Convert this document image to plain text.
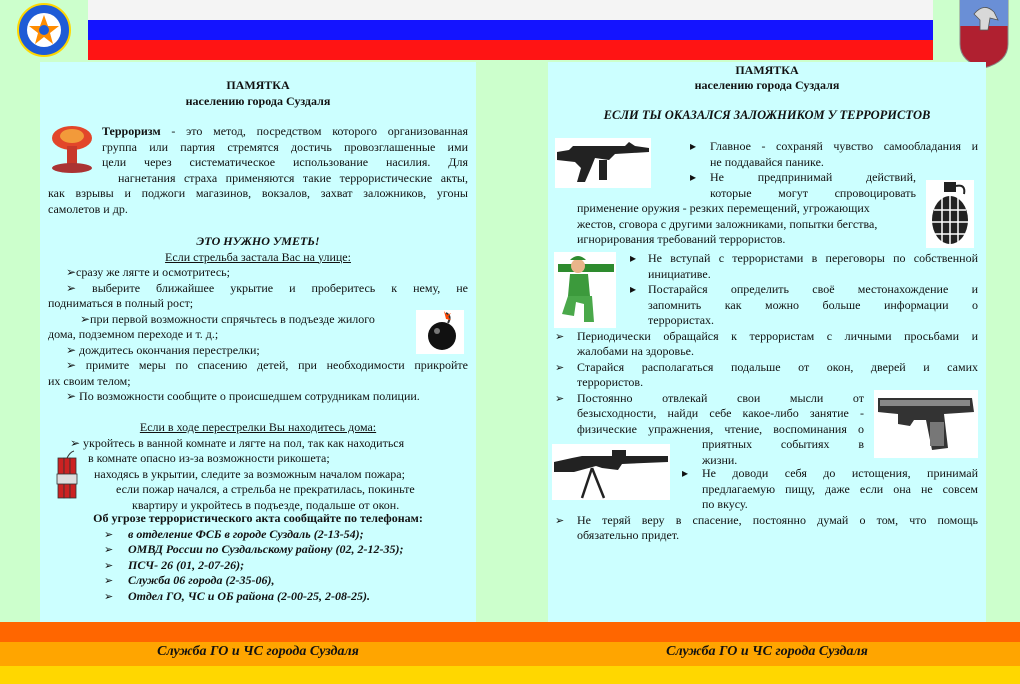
ПАМЯТКА
населению города Суздаля
Терроризм - это метод, посредством которого организованная
группа или партия стремятся достичь провозглашенные ими
цели через систематическое использование насилия. Для
нагнетания страха применяются такие террористические акты,
как взрывы и поджоги магазинов, вокзалов, захват заложников, угоны
самолетов и др.
ЭТО НУЖНО УМЕТЬ!
Если стрельба застала Вас на улице:
➢сразу же лягте и осмотритесь;
➢ выберите ближайшее укрытие и проберитесь к нему, не
подниматься в полный рост;
➢при первой возможности спрячьтесь в подъезде жилого
дома, подземном переходе и т. д.;
➢ дождитесь окончания перестрелки;
➢ примите меры по спасению детей, при необходимости прикройте
их своим телом;
➢ По возможности сообщите о происшедшем сотрудникам полиции.
Если в ходе перестрелки Вы находитесь дома:
➢ укройтесь в ванной комнате и лягте на пол, так как находиться
в комнате опасно из-за возможности рикошета;
находясь в укрытии, следите за возможным началом пожара;
если пожар начался, а стрельба не прекратилась, покиньте
квартиру и укройтесь в подъезде, подальше от окон.
Об угрозе террористического акта сообщайте по телефонам:
➢ в отделение ФСБ в городе Суздаль (2-13-54);
➢ ОМВД России по Суздальскому району (02, 2-12-35);
➢ ПСЧ- 26 (01, 2-07-26);
➢ Служба 06 города (2-35-06),
➢ Отдел ГО, ЧС и ОБ района (2-00-25, 2-08-25).
ПАМЯТКА
населению города Суздаля
ЕСЛИ ТЫ ОКАЗАЛСЯ ЗАЛОЖНИКОМ У ТЕРРОРИСТОВ
▸ Главное - сохраняй чувство самообладания и
не поддавайся панике.
▸ Не предпринимай действий,
которые могут спровоцировать
применение оружия - резких перемещений, угрожающих
жестов, сговора с другими заложниками, попытки бегства,
игнорирования требований террористов.
▸ Не вступай с террористами в переговоры по собственной
инициативе.
▸ Постарайся определить своё местонахождение и
запомнить как можно больше информации о
террористах.
➢ Периодически обращайся к террористам с личными просьбами и
жалобами на здоровье.
➢ Старайся располагаться подальше от окон, дверей и самих
террористов.
➢ Постоянно отвлекай свои мысли от
безысходности, найди себе какое-либо занятие -
физические упражнения, чтение, воспоминания о
приятных событиях в
жизни.
▸ Не доводи себя до истощения, принимай
предлагаемую пищу, даже если она не совсем
по вкусу.
➢ Не теряй веру в спасение, постоянно думай о том, что помощь
обязательно придет.
Служба ГО и ЧС города Суздаля	Служба ГО и ЧС города Суздаля
